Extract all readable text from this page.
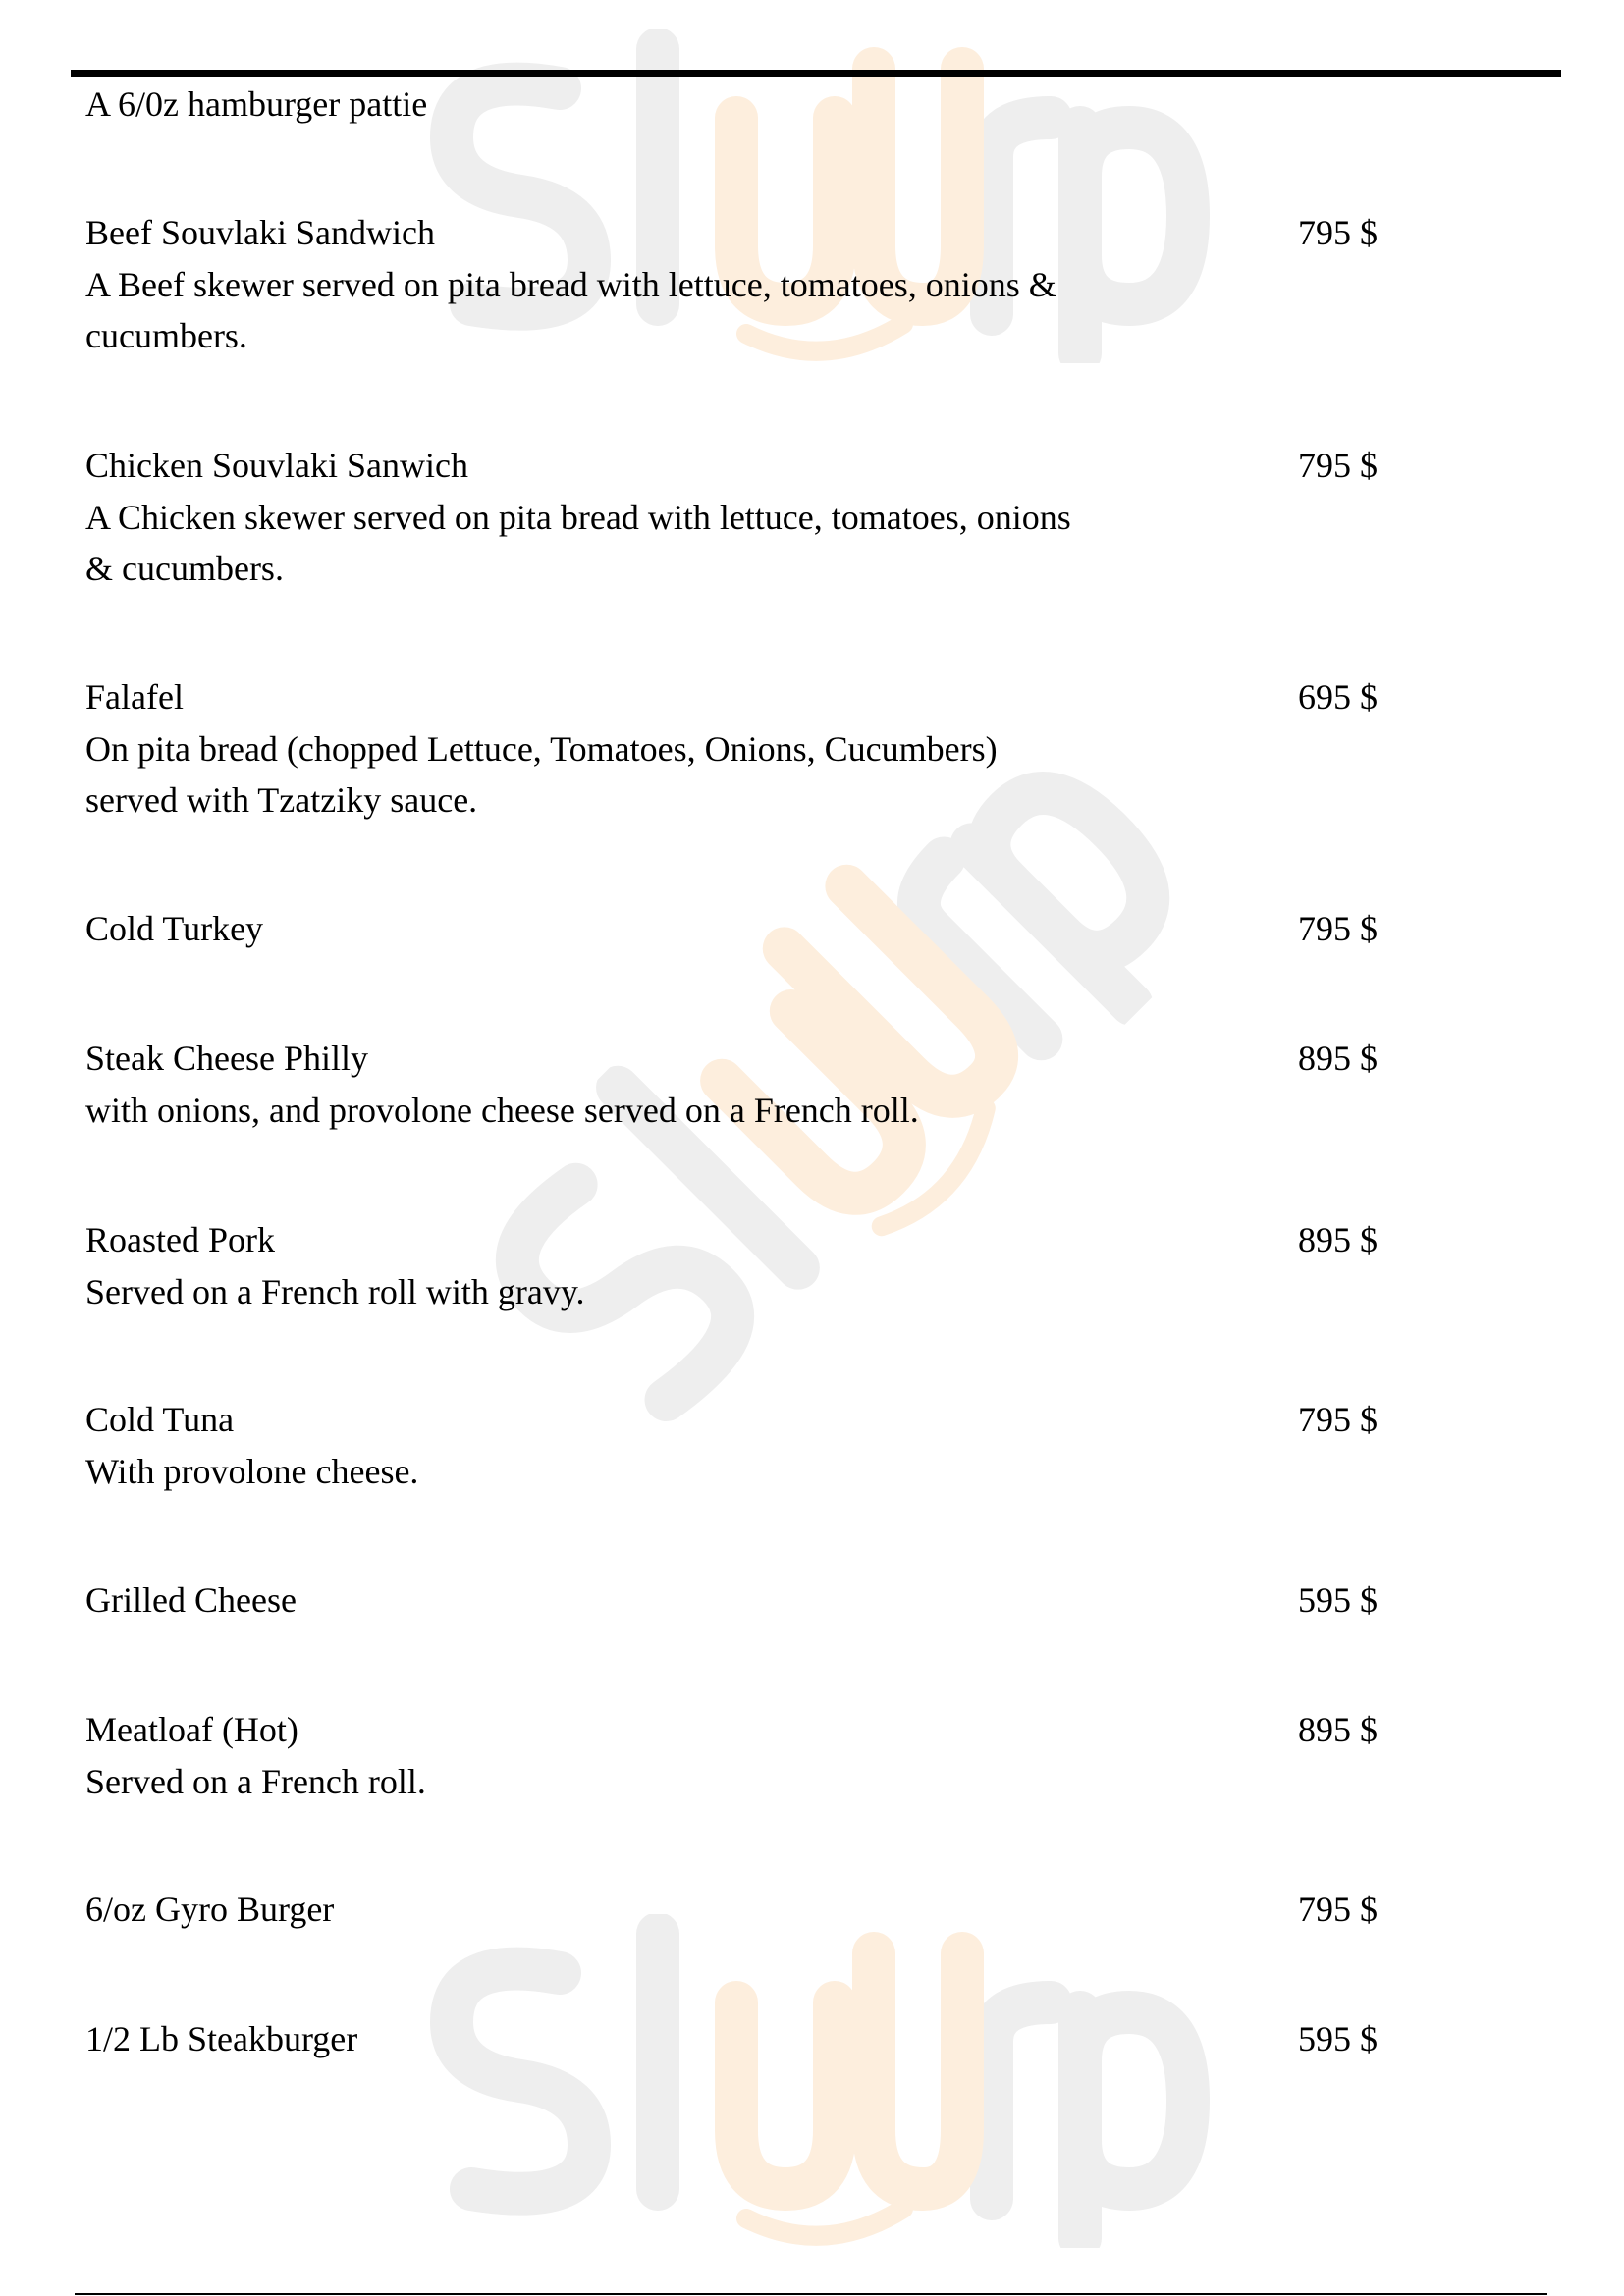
A 6/0z hamburger pattie
Beef Souvlaki Sandwich	795 $
A Beef skewer served on pita bread with lettuce, tomatoes, onions &
cucumbers.
Chicken Souvlaki Sanwich	795 $
A Chicken skewer served on pita bread with lettuce, tomatoes, onions
& cucumbers.
Falafel	695 $
On pita bread (chopped Lettuce, Tomatoes, Onions, Cucumbers)
served with Tzatziky sauce.
Cold Turkey	795 $
Steak Cheese Philly	895 $
with onions, and provolone cheese served on a French roll.
Roasted Pork	895 $
Served on a French roll with gravy.
Cold Tuna	795 $
With provolone cheese.
Grilled Cheese	595 $
Meatloaf (Hot)	895 $
Served on a French roll.
6/oz Gyro Burger	795 $
1/2 Lb Steakburger	595 $
